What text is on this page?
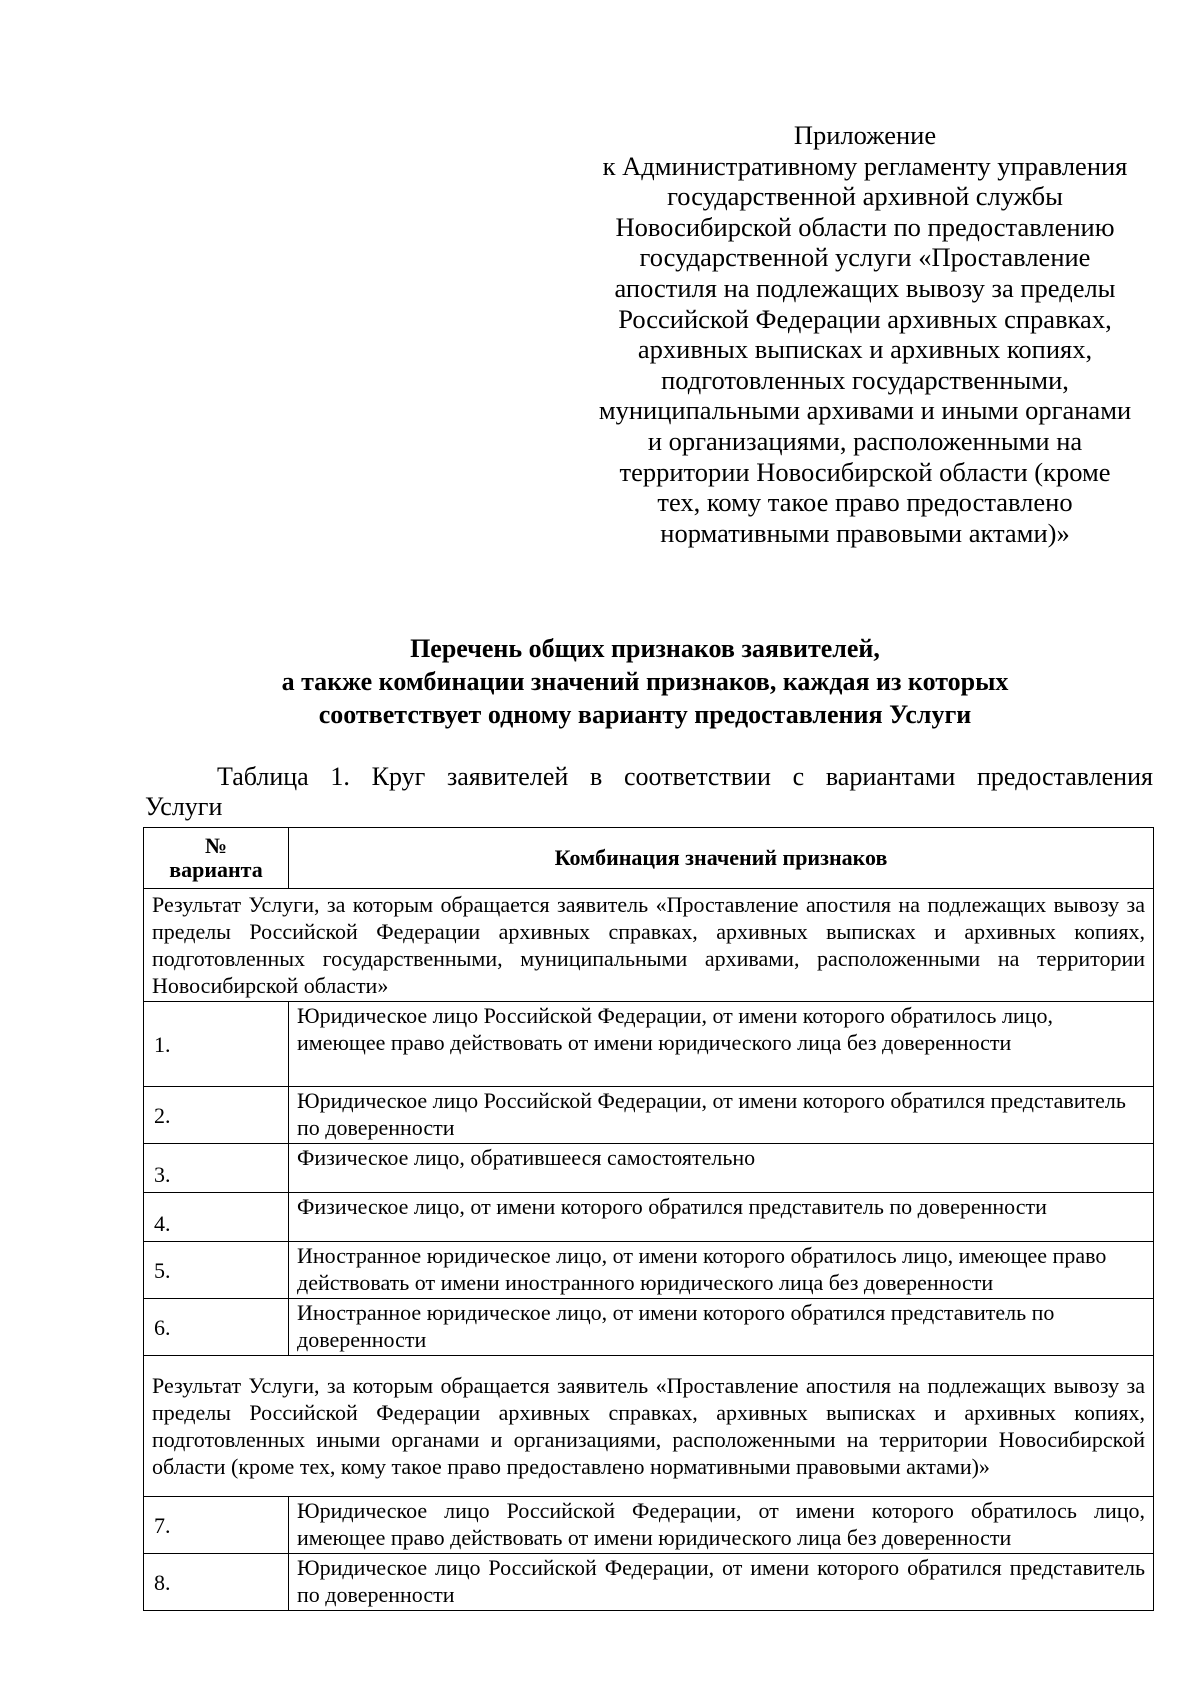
Приложение
к Административному регламенту управления
государственной архивной службы
Новосибирской области по предоставлению
государственной услуги «Проставление
апостиля на подлежащих вывозу за пределы
Российской Федерации архивных справках,
архивных выписках и архивных копиях,
подготовленных государственными,
муниципальными архивами и иными органами
и организациями, расположенными на
территории Новосибирской области (кроме
тех, кому такое право предоставлено
нормативными правовыми актами)»
Перечень общих признаков заявителей,
а также комбинации значений признаков, каждая из которых
соответствует одному варианту предоставления Услуги
Таблица 1. Круг заявителей в соответствии с вариантами предоставления
Услуги
№
варианта	Комбинация значений признаков
Результат Услуги, за которым обращается заявитель «Проставление апостиля на подлежащих вывозу за пределы Российской Федерации архивных справках, архивных выписках и архивных копиях, подготовленных государственными, муниципальными архивами, расположенными на территории Новосибирской области»	
1.	Юридическое лицо Российской Федерации, от имени которого обратилось лицо, имеющее право действовать от имени юридического лица без доверенности
2.	Юридическое лицо Российской Федерации, от имени которого обратился представитель по доверенности
3.	Физическое лицо, обратившееся самостоятельно
4.	Физическое лицо, от имени которого обратился представитель по доверенности
5.	Иностранное юридическое лицо, от имени которого обратилось лицо, имеющее право действовать от имени иностранного юридического лица без доверенности
6.	Иностранное юридическое лицо, от имени которого обратился представитель по доверенности
Результат Услуги, за которым обращается заявитель «Проставление апостиля на подлежащих вывозу за пределы Российской Федерации архивных справках, архивных выписках и архивных копиях, подготовленных иными органами и организациями, расположенными на территории Новосибирской области (кроме тех, кому такое право предоставлено нормативными правовыми актами)»	
7.	Юридическое лицо Российской Федерации, от имени которого обратилось лицо, имеющее право действовать от имени юридического лица без доверенности
8.	Юридическое лицо Российской Федерации, от имени которого обратился представитель по доверенности
